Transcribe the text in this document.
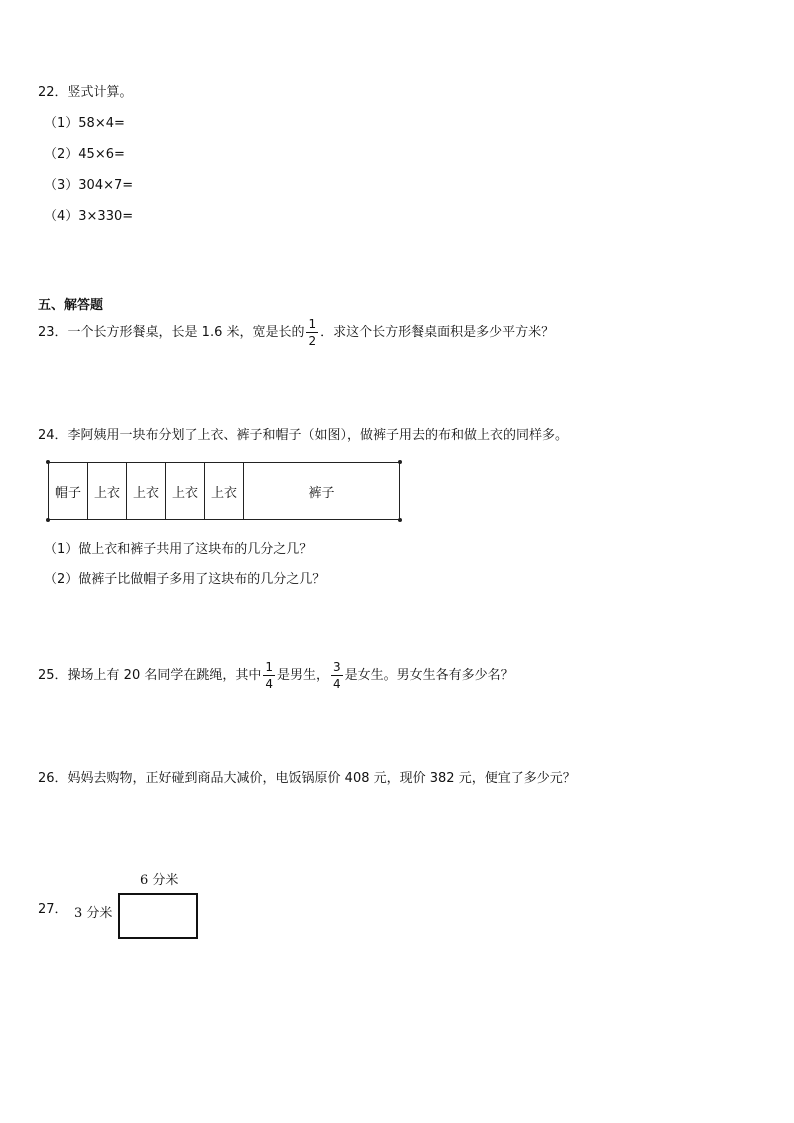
22．竖式计算。
（1）58×4=
（2）45×6=
（3）304×7=
（4）3×330=
五、解答题
23．一个长方形餐桌，长是 1.6 米，宽是长的 $\frac{1}{2}$ ．求这个长方形餐桌面积是多少平方米？
24．李阿姨用一块布分划了上衣、裤子和帽子（如图），做裤子用去的布和做上衣的同样多。
帽子 上衣 上衣 上衣 上衣	裤子
（1）做上衣和裤子共用了这块布的几分之几？
（2）做裤子比做帽子多用了这块布的几分之几？
25．操场上有 20 名同学在跳绳，其中 $\frac{1}{4}$ 是男生， $\frac{3}{4}$ 是女生。男女生各有多少名？
26．妈妈去购物，正好碰到商品大减价，电饭锅原价 408 元，现价 382 元，便宜了多少元？
27．
6 分米
3 分米
